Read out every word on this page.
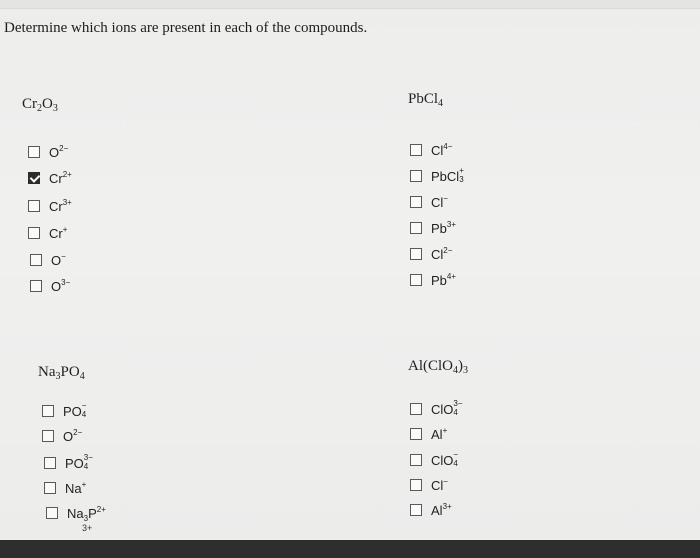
Determine which ions are present in each of the compounds.
$Cr_2O_3$
$O^{2-}$
$Cr^{2+}$
$Cr^{3+}$
Cr+
O−
$O^{3-}$
PbCl$_4$
$Cl^{4-}$
PbCl +
3
Cl−
$Pb^{3+}$
$Cl^{2-}$
$Pb^{4+}$
$Na_3PO_4$
PO −
4
$O^{2-}$
PO 3−
4
Na+
$Na_3P^{2+}$
3+
$Al(ClO_4)_3$
ClO 3−
4
Al+
ClO −
4
Cl−
$Al^{3+}$
